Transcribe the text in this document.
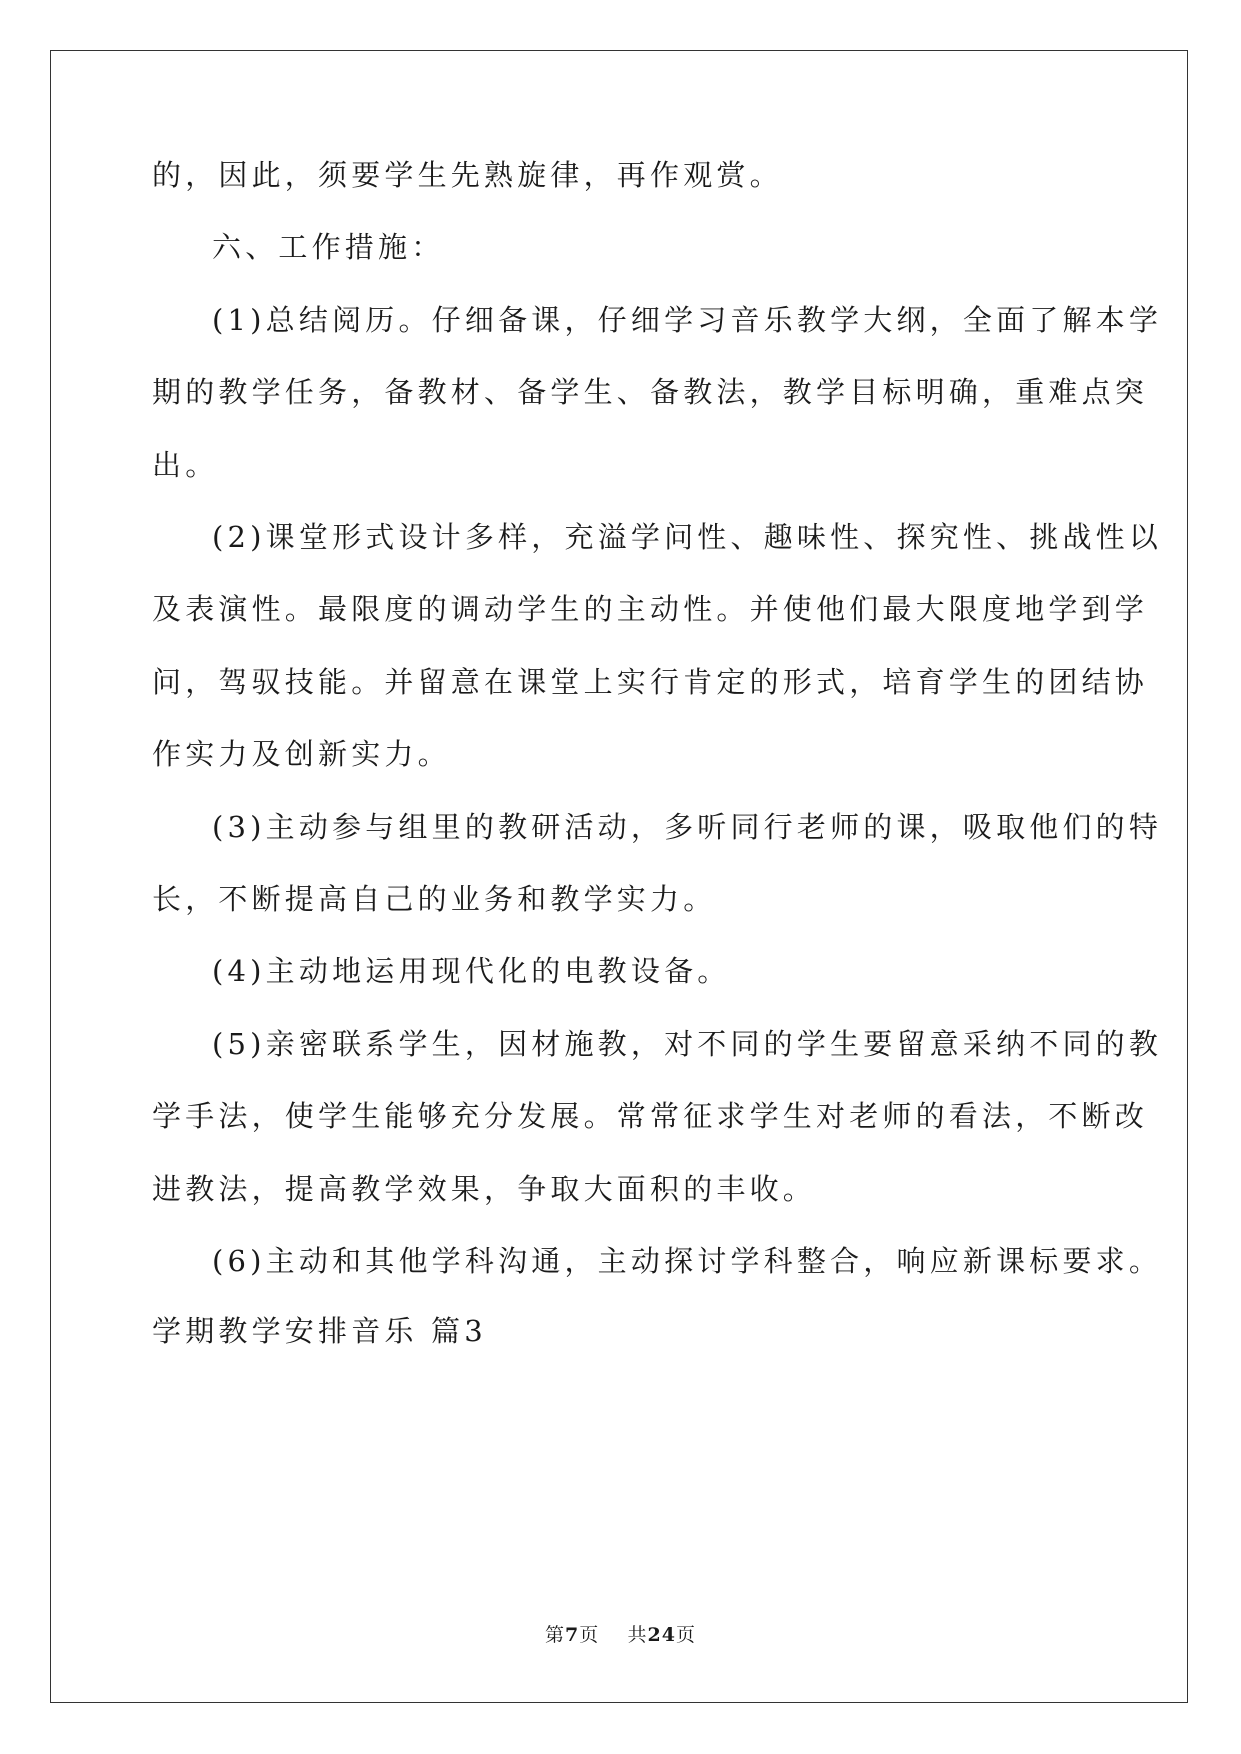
的，因此，须要学生先熟旋律，再作观赏。
六、工作措施：
(1)总结阅历。仔细备课，仔细学习音乐教学大纲，全面了解本学
期的教学任务，备教材、备学生、备教法，教学目标明确，重难点突
出。
(2)课堂形式设计多样，充溢学问性、趣味性、探究性、挑战性以
及表演性。最限度的调动学生的主动性。并使他们最大限度地学到学
问，驾驭技能。并留意在课堂上实行肯定的形式，培育学生的团结协
作实力及创新实力。
(3)主动参与组里的教研活动，多听同行老师的课，吸取他们的特
长，不断提高自己的业务和教学实力。
(4)主动地运用现代化的电教设备。
(5)亲密联系学生，因材施教，对不同的学生要留意采纳不同的教
学手法，使学生能够充分发展。常常征求学生对老师的看法，不断改
进教法，提高教学效果，争取大面积的丰收。
(6)主动和其他学科沟通，主动探讨学科整合，响应新课标要求。
学期教学安排音乐 篇3
第7页 共24页
